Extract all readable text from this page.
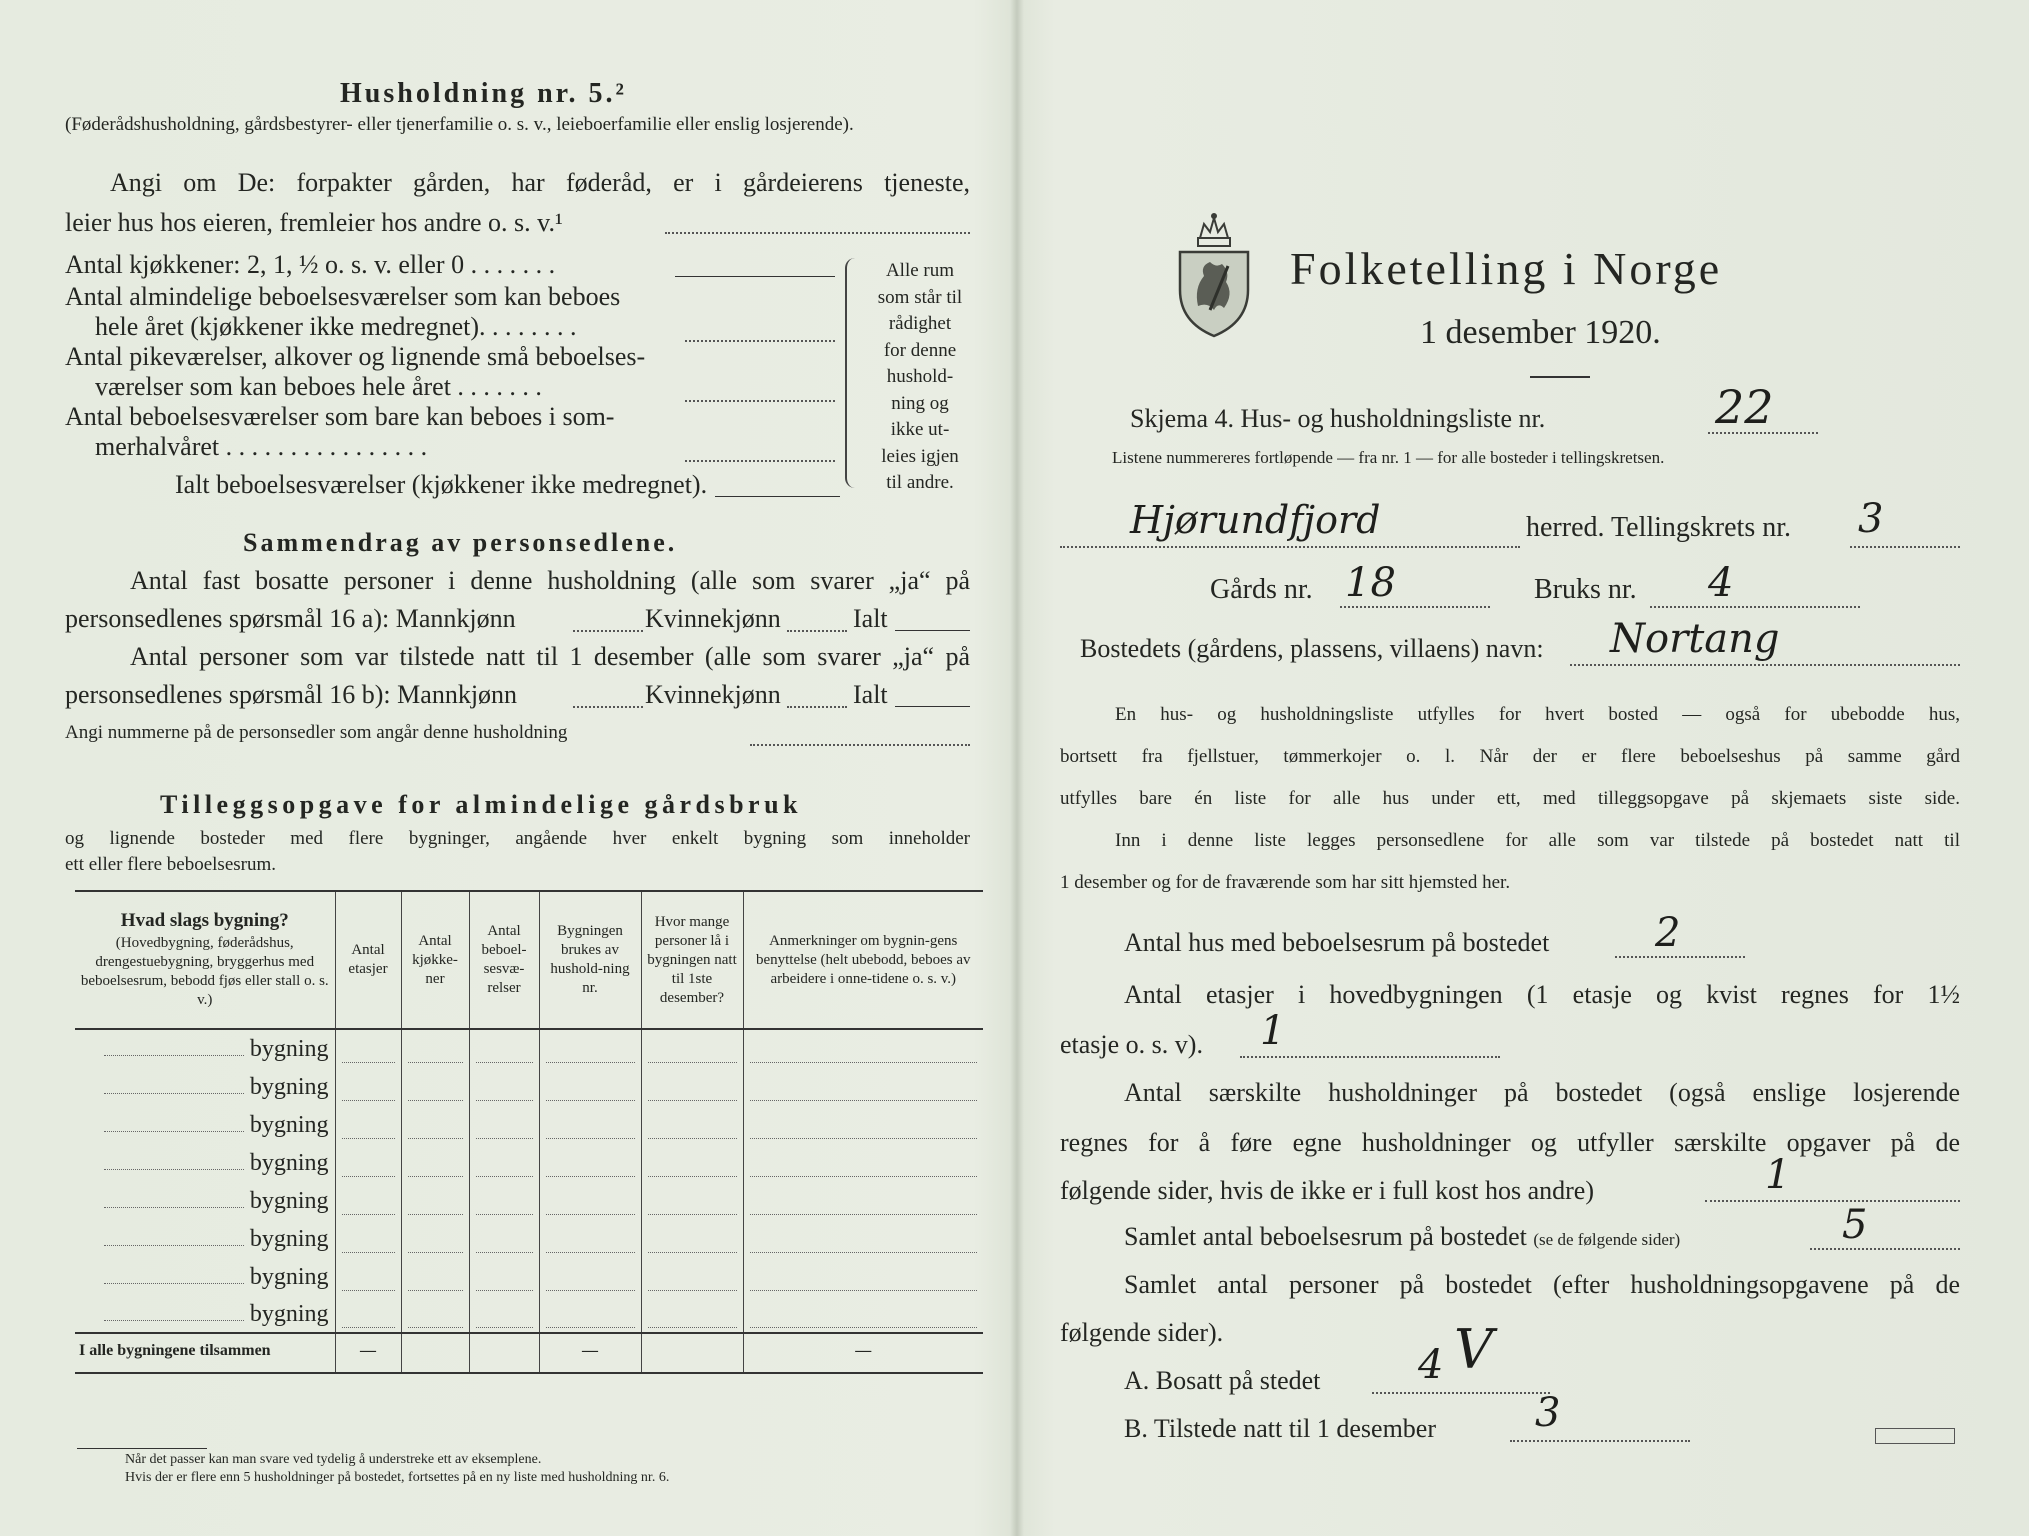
Husholdning nr. 5.²
(Føderådshusholdning, gårdsbestyrer- eller tjenerfamilie o. s. v., leieboerfamilie eller enslig losjerende).
Angi om De: forpakter gården, har føderåd, er i gårdeierens tjeneste,
leier hus hos eieren, fremleier hos andre o. s. v.¹
Antal kjøkkener: 2, 1, ½ o. s. v. eller 0 . . . . . . .
Antal almindelige beboelsesværelser som kan beboes
hele året (kjøkkener ikke medregnet). . . . . . . .
Antal pikeværelser, alkover og lignende små beboelses-
værelser som kan beboes hele året . . . . . . .
Antal beboelsesværelser som bare kan beboes i som-
merhalvåret . . . . . . . . . . . . . . . .
Ialt beboelsesværelser (kjøkkener ikke medregnet).
Alle rum
som står til
rådighet
for denne
hushold-
ning og
ikke ut-
leies igjen
til andre.
Sammendrag av personsedlene.
Antal fast bosatte personer i denne husholdning (alle som svarer „ja“ på
personsedlenes spørsmål 16 a): Mannkjønn	Kvinnekjønn	Ialt
Antal personer som var tilstede natt til 1 desember (alle som svarer „ja“ på
personsedlenes spørsmål 16 b): Mannkjønn	Kvinnekjønn	Ialt
Angi nummerne på de personsedler som angår denne husholdning
Tilleggsopgave for almindelige gårdsbruk
og lignende bosteder med flere bygninger, angående hver enkelt bygning som inneholder
ett eller flere beboelsesrum.
Hvad slags bygning?
(Hovedbygning, føderådshus, drengestuebygning, bryggerhus med beboelsesrum, bebodd fjøs eller stall o. s. v.)	Antal etasjer	Antal kjøkke-ner	Antal beboel-sesvæ-relser	Bygningen brukes av hushold-ning nr.	Hvor mange personer lå i bygningen natt til 1ste desember?	Anmerkninger om bygnin-gens benyttelse (helt ubebodd, beboes av arbeidere i onne-tidene o. s. v.)
bygning	

bygning	

bygning	

bygning	

bygning	

bygning	

bygning	

bygning	

I alle bygningene tilsammen	—			—		—
Når det passer kan man svare ved tydelig å understreke ett av eksemplene.
Hvis der er flere enn 5 husholdninger på bostedet, fortsettes på en ny liste med husholdning nr. 6.
Folketelling i Norge
1 desember 1920.
Skjema 4. Hus- og husholdningsliste nr.	22
Listene nummereres fortløpende — fra nr. 1 — for alle bosteder i tellingskretsen.
Hjørundfjord	herred. Tellingskrets nr. 3
Gårds nr. 18	Bruks nr. 4
Bostedets (gårdens, plassens, villaens) navn: Nortang
En hus- og husholdningsliste utfylles for hvert bosted — også for ubebodde hus,
bortsett fra fjellstuer, tømmerkojer o. l. Når der er flere beboelseshus på samme gård
utfylles bare én liste for alle hus under ett, med tilleggsopgave på skjemaets siste side.
Inn i denne liste legges personsedlene for alle som var tilstede på bostedet natt til
1 desember og for de fraværende som har sitt hjemsted her.
Antal hus med beboelsesrum på bostedet	2
Antal etasjer i hovedbygningen (1 etasje og kvist regnes for 1½
etasje o. s. v). 1
Antal særskilte husholdninger på bostedet (også enslige losjerende
regnes for å føre egne husholdninger og utfyller særskilte opgaver på de
følgende sider, hvis de ikke er i full kost hos andre)	1
Samlet antal beboelsesrum på bostedet (se de følgende sider)	5
Samlet antal personer på bostedet (efter husholdningsopgavene på de
følgende sider).
A. Bosatt på stedet 4 V
B. Tilstede natt til 1 desember 3
